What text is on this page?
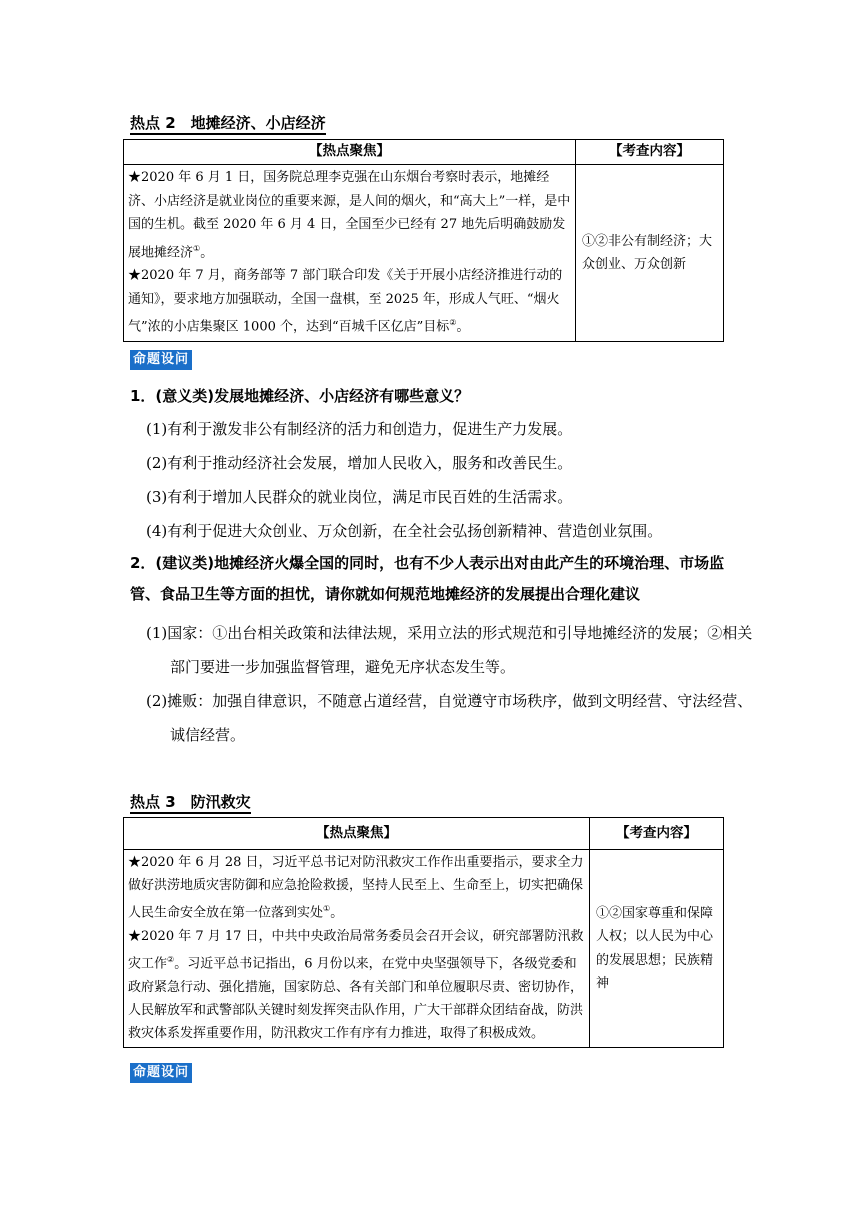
热点 2　地摊经济、小店经济
【热点聚焦】	【考查内容】

★2020 年 6 月 1 日，国务院总理李克强在山东烟台考察时表示，地摊经济、小店经济是就业岗位的重要来源，是人间的烟火，和“高大上”一样，是中国的生机。截至 2020 年 6 月 4 日，全国至少已经有 27 地先后明确鼓励发展地摊经济①。

★2020 年 7 月，商务部等 7 部门联合印发《关于开展小店经济推进行动的通知》，要求地方加强联动，全国一盘棋，至 2025 年，形成人气旺、“烟火气”浓的小店集聚区 1000 个，达到“百城千区亿店”目标②。	①②非公有制经济；大众创业、万众创新
命题设问
1．(意义类)发展地摊经济、小店经济有哪些意义？
(1)有利于激发非公有制经济的活力和创造力，促进生产力发展。
(2)有利于推动经济社会发展，增加人民收入，服务和改善民生。
(3)有利于增加人民群众的就业岗位，满足市民百姓的生活需求。
(4)有利于促进大众创业、万众创新，在全社会弘扬创新精神、营造创业氛围。
2．(建议类)地摊经济火爆全国的同时，也有不少人表示出对由此产生的环境治理、市场监管、食品卫生等方面的担忧，请你就如何规范地摊经济的发展提出合理化建议
(1)国家：①出台相关政策和法律法规，采用立法的形式规范和引导地摊经济的发展；②相关部门要进一步加强监督管理，避免无序状态发生等。
(2)摊贩：加强自律意识，不随意占道经营，自觉遵守市场秩序，做到文明经营、守法经营、诚信经营。
热点 3　防汛救灾
【热点聚焦】	【考查内容】

★2020 年 6 月 28 日，习近平总书记对防汛救灾工作作出重要指示，要求全力做好洪涝地质灾害防御和应急抢险救援，坚持人民至上、生命至上，切实把确保人民生命安全放在第一位落到实处①。

★2020 年 7 月 17 日，中共中央政治局常务委员会召开会议，研究部署防汛救灾工作②。习近平总书记指出，6 月份以来，在党中央坚强领导下，各级党委和政府紧急行动、强化措施，国家防总、各有关部门和单位履职尽责、密切协作，人民解放军和武警部队关键时刻发挥突击队作用，广大干部群众团结奋战，防洪救灾体系发挥重要作用，防汛救灾工作有序有力推进，取得了积极成效。	①②国家尊重和保障人权；以人民为中心的发展思想；民族精神
命题设问
